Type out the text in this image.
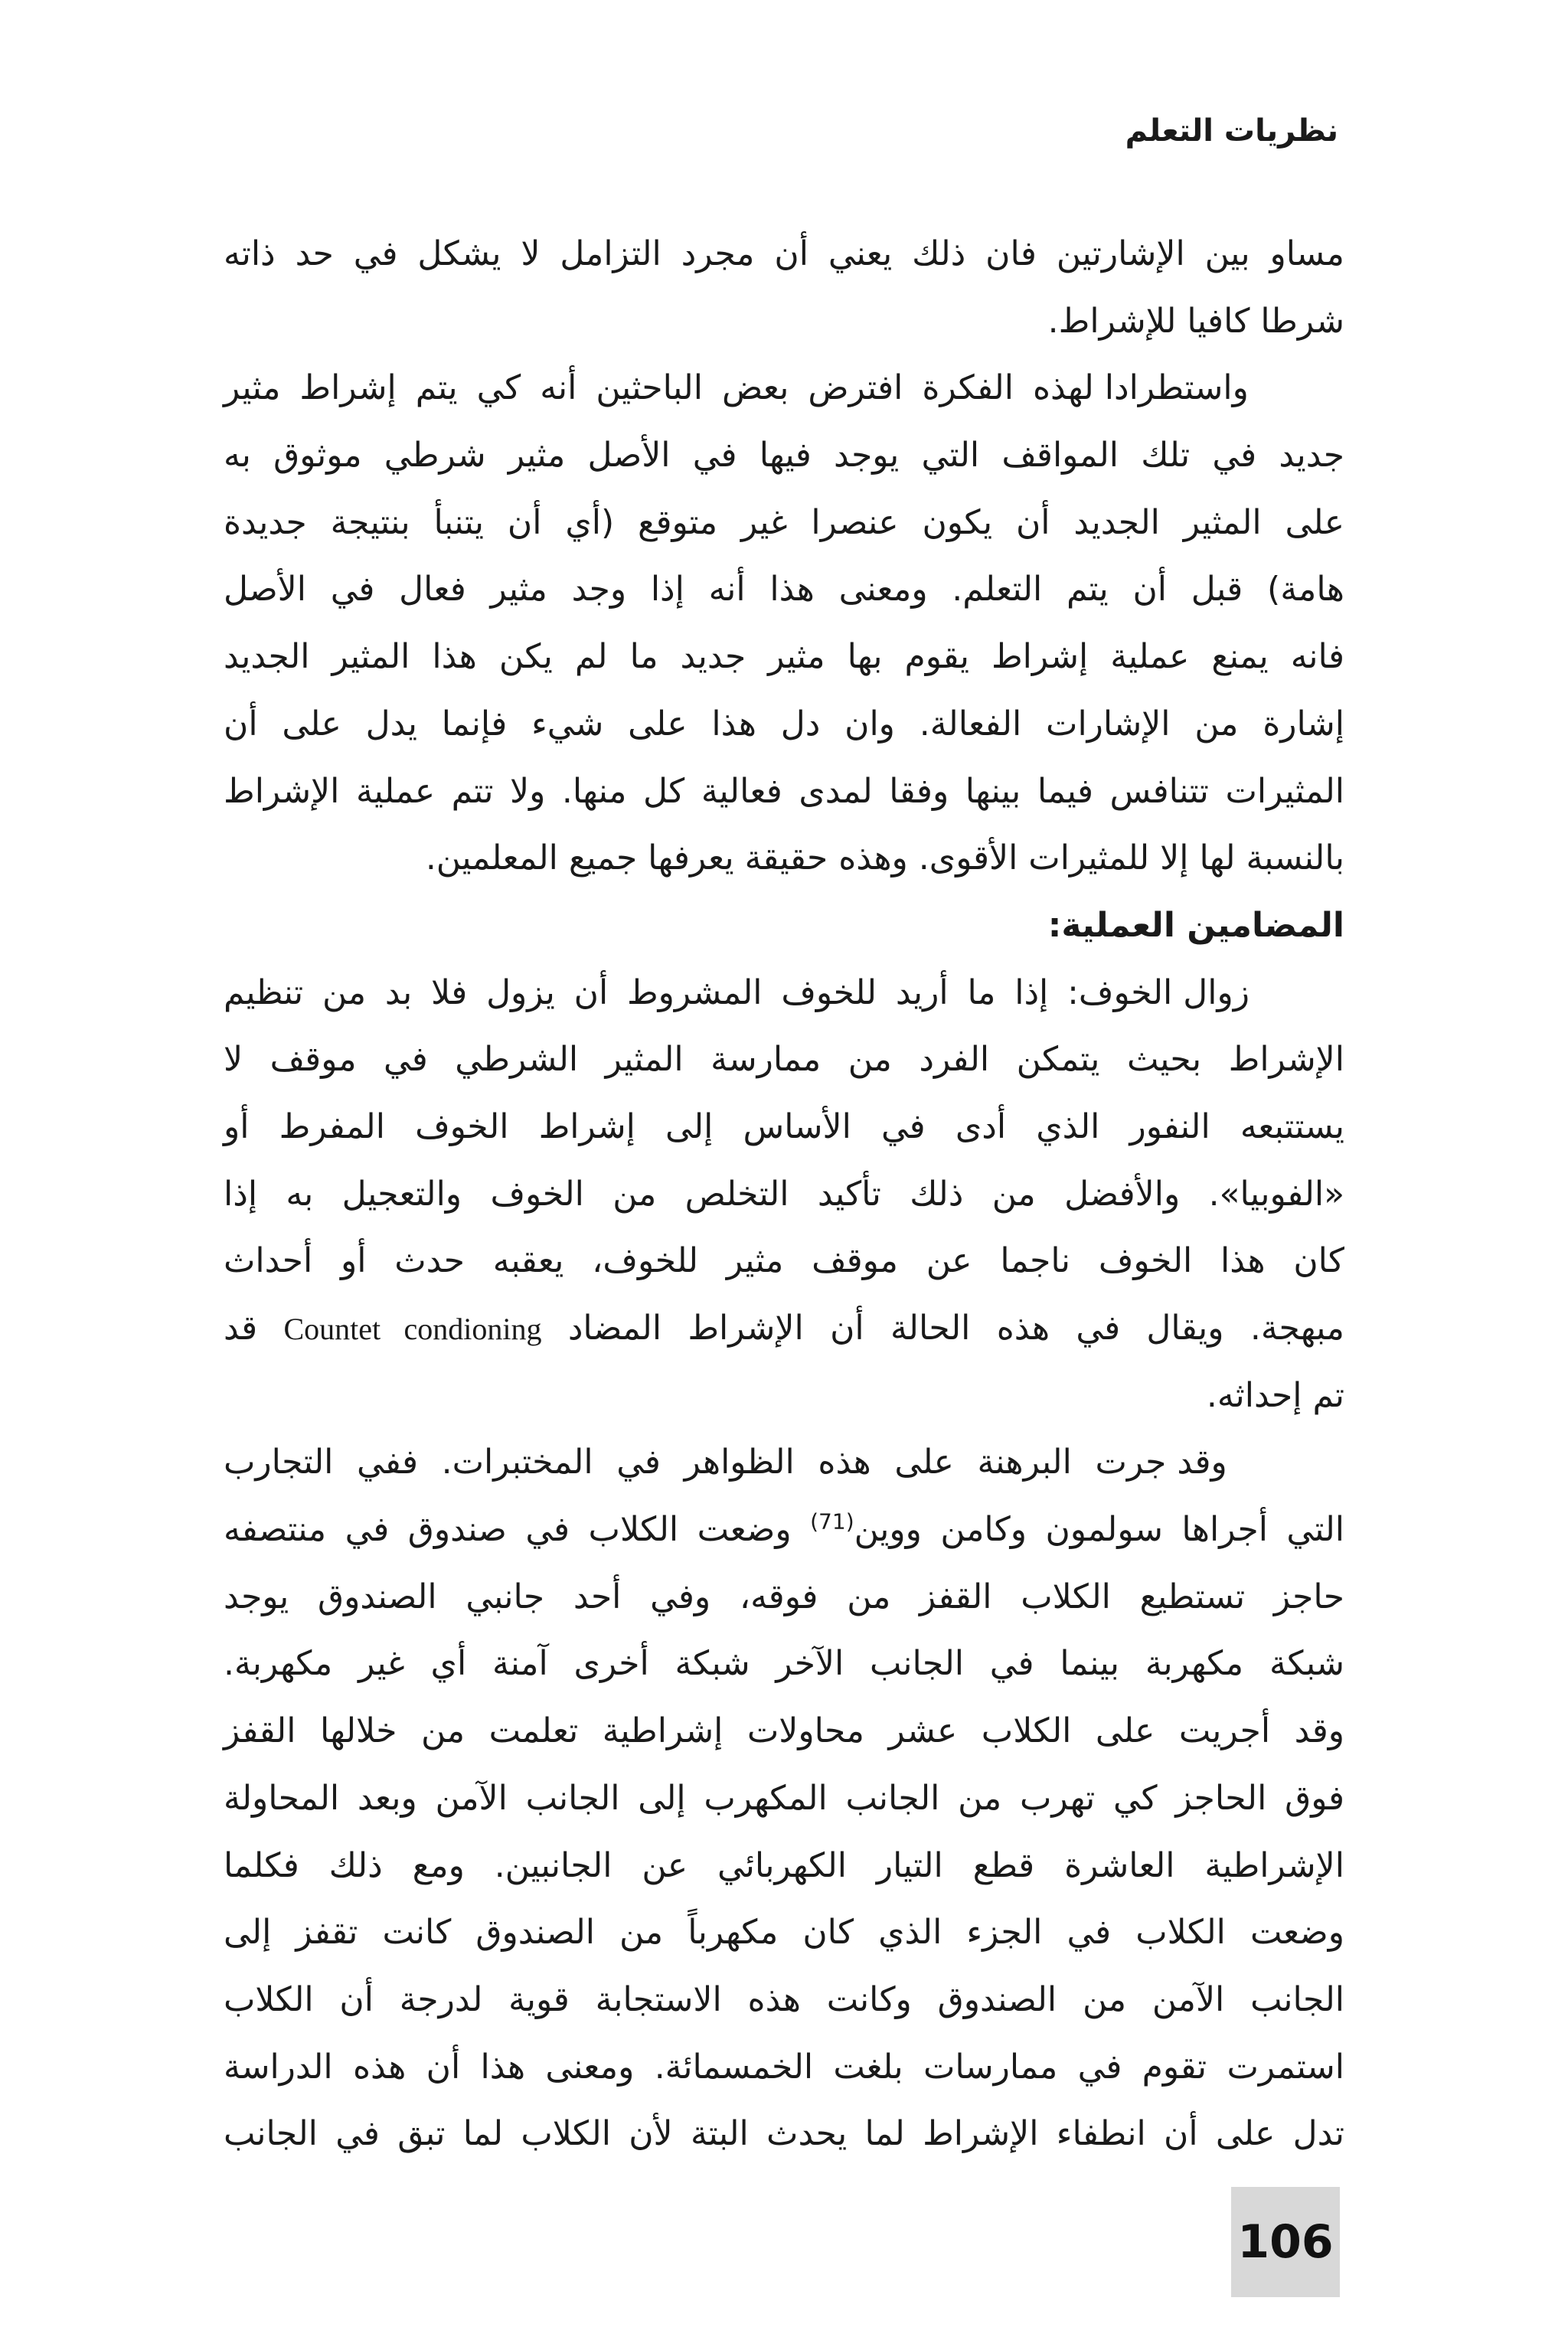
نظريات التعلم
مساو بين الإشارتين فان ذلك يعني أن مجرد التزامل لا يشكل في حد ذاته
شرطا كافيا للإشراط.
واستطرادا لهذه الفكرة افترض بعض الباحثين أنه كي يتم إشراط مثير
جديد في تلك المواقف التي يوجد فيها في الأصل مثير شرطي موثوق به
على المثير الجديد أن يكون عنصرا غير متوقع (أي أن يتنبأ بنتيجة جديدة
هامة) قبل أن يتم التعلم. ومعنى هذا أنه إذا وجد مثير فعال في الأصل
فانه يمنع عملية إشراط يقوم بها مثير جديد ما لم يكن هذا المثير الجديد
إشارة من الإشارات الفعالة. وان دل هذا على شيء فإنما يدل على أن
المثيرات تتنافس فيما بينها وفقا لمدى فعالية كل منها. ولا تتم عملية الإشراط
بالنسبة لها إلا للمثيرات الأقوى. وهذه حقيقة يعرفها جميع المعلمين.
المضامين العملية:
زوال الخوف: إذا ما أريد للخوف المشروط أن يزول فلا بد من تنظيم
الإشراط بحيث يتمكن الفرد من ممارسة المثير الشرطي في موقف لا
يستتبعه النفور الذي أدى في الأساس إلى إشراط الخوف المفرط أو
«الفوبيا». والأفضل من ذلك تأكيد التخلص من الخوف والتعجيل به إذا
كان هذا الخوف ناجما عن موقف مثير للخوف، يعقبه حدث أو أحداث
مبهجة. ويقال في هذه الحالة أن الإشراط المضاد Countet condioning قد
تم إحداثه.
وقد جرت البرهنة على هذه الظواهر في المختبرات. ففي التجارب
التي أجراها سولمون وكامن ووين$^{(71)}$ وضعت الكلاب في صندوق في منتصفه
حاجز تستطيع الكلاب القفز من فوقه، وفي أحد جانبي الصندوق يوجد
شبكة مكهربة بينما في الجانب الآخر شبكة أخرى آمنة أي غير مكهربة.
وقد أجريت على الكلاب عشر محاولات إشراطية تعلمت من خلالها القفز
فوق الحاجز كي تهرب من الجانب المكهرب إلى الجانب الآمن وبعد المحاولة
الإشراطية العاشرة قطع التيار الكهربائي عن الجانبين. ومع ذلك فكلما
وضعت الكلاب في الجزء الذي كان مكهرباً من الصندوق كانت تقفز إلى
الجانب الآمن من الصندوق وكانت هذه الاستجابة قوية لدرجة أن الكلاب
استمرت تقوم في ممارسات بلغت الخمسمائة. ومعنى هذا أن هذه الدراسة
تدل على أن انطفاء الإشراط لما يحدث البتة لأن الكلاب لما تبق في الجانب
106
